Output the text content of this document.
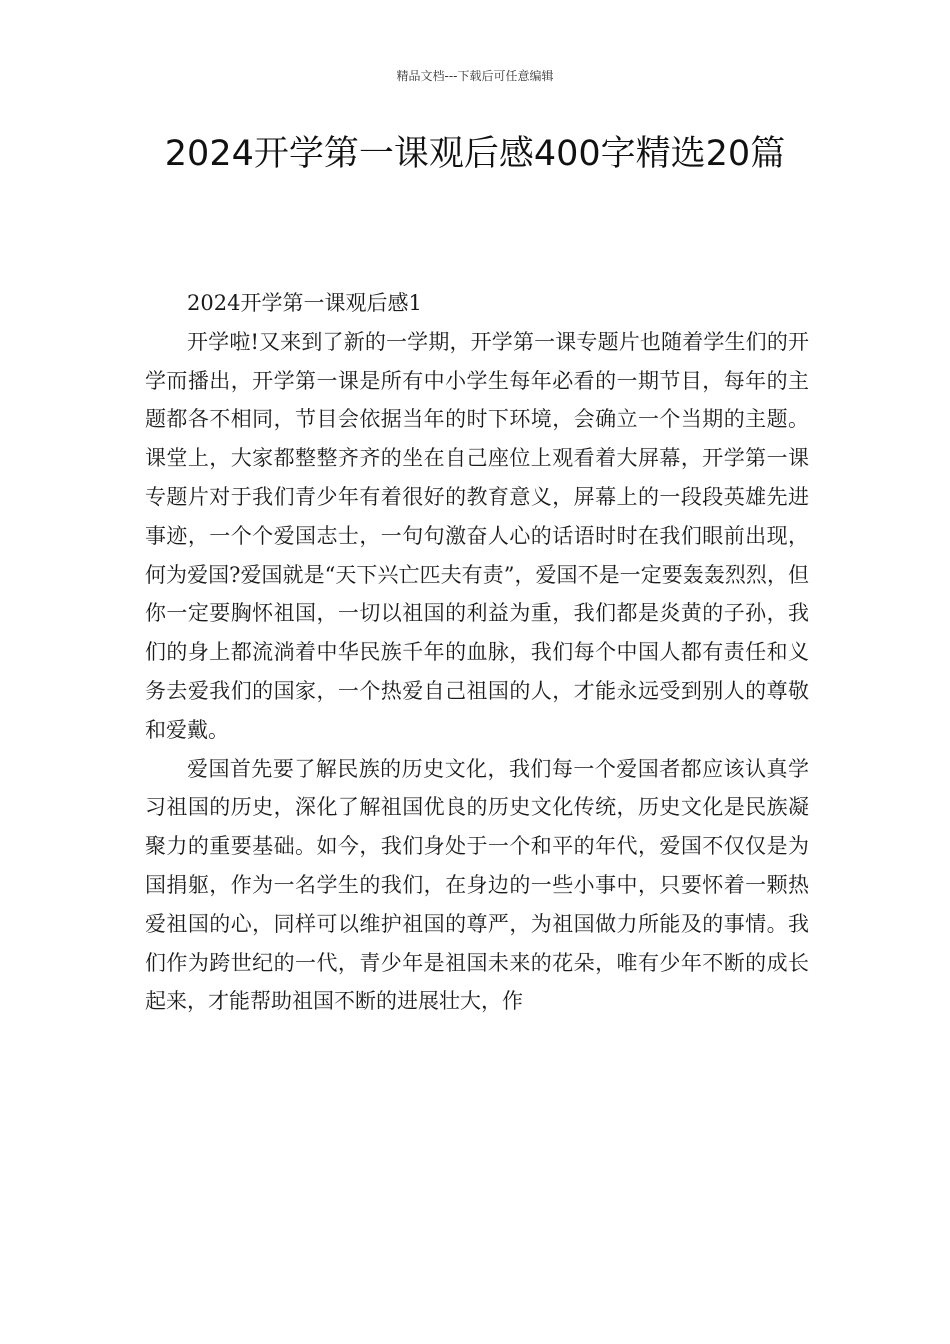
精品文档---下载后可任意编辑
2024开学第一课观后感400字精选20篇

2024开学第一课观后感1

开学啦!又来到了新的一学期，开学第一课专题片也随着学生们的开学而播出，开学第一课是所有中小学生每年必看的一期节目，每年的主题都各不相同，节目会依据当年的时下环境，会确立一个当期的主题。课堂上，大家都整整齐齐的坐在自己座位上观看着大屏幕，开学第一课专题片对于我们青少年有着很好的教育意义，屏幕上的一段段英雄先进事迹，一个个爱国志士，一句句激奋人心的话语时时在我们眼前出现，何为爱国?爱国就是“天下兴亡匹夫有责”，爱国不是一定要轰轰烈烈，但你一定要胸怀祖国，一切以祖国的利益为重，我们都是炎黄的子孙，我们的身上都流淌着中华民族千年的血脉，我们每个中国人都有责任和义务去爱我们的国家，一个热爱自己祖国的人，才能永远受到别人的尊敬和爱戴。

爱国首先要了解民族的历史文化，我们每一个爱国者都应该认真学习祖国的历史，深化了解祖国优良的历史文化传统，历史文化是民族凝聚力的重要基础。如今，我们身处于一个和平的年代，爱国不仅仅是为国捐躯，作为一名学生的我们，在身边的一些小事中，只要怀着一颗热爱祖国的心，同样可以维护祖国的尊严，为祖国做力所能及的事情。我们作为跨世纪的一代，青少年是祖国未来的花朵，唯有少年不断的成长起来，才能帮助祖国不断的进展壮大，作
